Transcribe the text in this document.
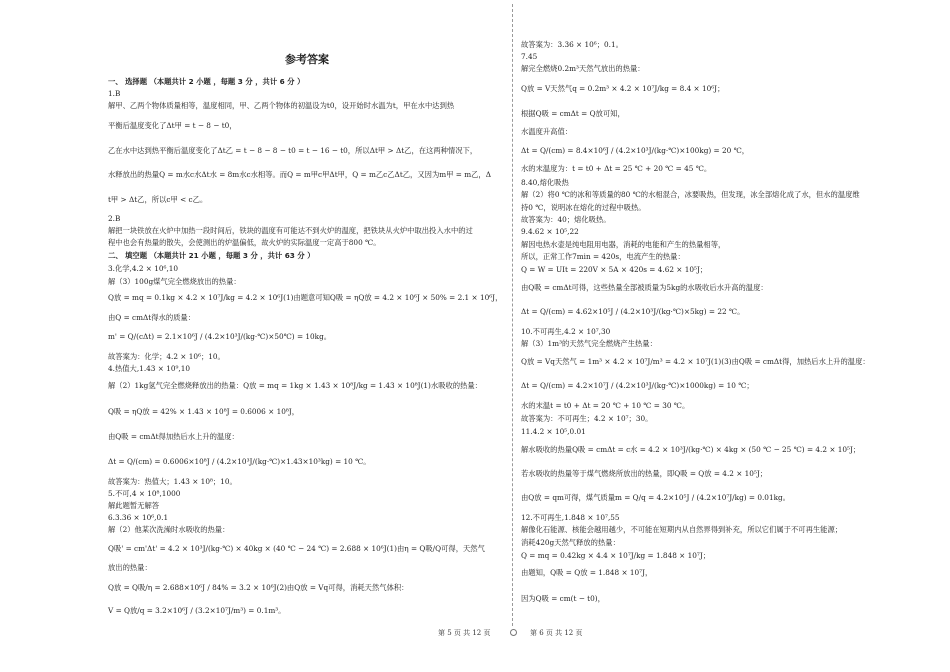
参考答案
一、 选择题 （本题共计 2 小题 ，每题 3 分 ，共计 6 分 ）
1.B
解甲、乙两个物体质量相等，温度相同，甲、乙两个物体的初温设为t0，设开始时水温为t，甲在水中达到热
平衡后温度变化了Δt甲 = t − 8 − t0，
乙在水中达到热平衡后温度变化了Δt乙 = t − 8 − 8 − t0 = t − 16 − t0，所以Δt甲 > Δt乙，在这两种情况下，
水释放出的热量Q = m水c水Δt水 = 8m水c水相等。而Q = m甲c甲Δt甲，Q = m乙c乙Δt乙，又因为m甲 = m乙，Δ
t甲 > Δt乙，所以c甲 < c乙。
2.B
解把一块铁放在火炉中加热一段时间后，铁块的温度有可能达不到火炉的温度，把铁块从火炉中取出投入水中的过
程中也会有热量的散失，会使测出的炉温偏低，故火炉的实际温度一定高于800 ℃。
二、 填空题 （本题共计 21 小题 ，每题 3 分 ，共计 63 分 ）
3.化学,4.2 × 10⁶,10
解（3）100g煤气完全燃烧放出的热量：
Q放 = mq = 0.1kg × 4.2 × 10⁷J/kg = 4.2 × 10⁶J(1)由题意可知Q吸 = ηQ放 = 4.2 × 10⁶J × 50% = 2.1 × 10⁶J，
由Q = cmΔt得水的质量：
m' = Q/(cΔt) = 2.1×10⁶J / (4.2×10³J/(kg·℃)×50℃) = 10kg。
故答案为：化学；4.2 × 10⁶；10。
4.热值大,1.43 × 10⁹,10
解（2）1kg氢气完全燃烧释放出的热量：Q放 = mq = 1kg × 1.43 × 10⁸J/kg = 1.43 × 10⁸J(1)水吸收的热量：
Q吸 = ηQ放 = 42% × 1.43 × 10⁸J = 0.6006 × 10⁸J，
由Q吸 = cmΔt得加热后水上升的温度：
Δt = Q/(cm) = 0.6006×10⁸J / (4.2×10³J/(kg·℃)×1.43×10³kg) = 10 ℃。
故答案为：热值大；1.43 × 10⁸；10。
5.不可,4 × 10⁸,1000
解此题暂无解答
6.3.36 × 10⁶,0.1
解（2）他某次洗澡时水吸收的热量：
Q吸' = cm'Δt' = 4.2 × 10³J/(kg·℃) × 40kg × (40 ℃ − 24 ℃) = 2.688 × 10⁶J(1)由η = Q吸/Q可得，天然气
放出的热量：
Q放 = Q吸/η = 2.688×10⁶J / 84% = 3.2 × 10⁶J(2)由Q放 = Vq可得，消耗天然气体积：
V = Q放/q = 3.2×10⁶J / (3.2×10⁷J/m³) = 0.1m³。
故答案为：3.36 × 10⁶；0.1。
7.45
解完全燃烧0.2m³天然气放出的热量：
Q放 = V天然气q = 0.2m³ × 4.2 × 10⁷J/kg = 8.4 × 10⁶J；
根据Q吸 = cmΔt = Q放可知，
水温度升高值：
Δt = Q/(cm) = 8.4×10⁶J / (4.2×10³J/(kg·℃)×100kg) = 20 ℃，
水的末温度为：t = t0 + Δt = 25 ℃ + 20 ℃ = 45 ℃。
8.40,熔化吸热
解（2）将0 ℃的冰和等质量的80 ℃的水相混合，冰要吸热，但发现，冰全部熔化成了水，但水的温度维
持0 ℃，说明冰在熔化的过程中吸热。
故答案为：40；熔化吸热。
9.4.62 × 10⁵,22
解因电热水壶是纯电阻用电器，消耗的电能和产生的热量相等，
所以，正常工作7min = 420s，电流产生的热量：
Q = W = UIt = 220V × 5A × 420s = 4.62 × 10⁵J；
由Q吸 = cmΔt可得，这些热量全部被质量为5kg的水吸收后水升高的温度：
Δt = Q/(cm) = 4.62×10⁵J / (4.2×10³J/(kg·℃)×5kg) = 22 ℃。
10.不可再生,4.2 × 10⁷,30
解（3）1m³的天然气完全燃烧产生热量：
Q放 = Vq天然气 = 1m³ × 4.2 × 10⁷J/m³ = 4.2 × 10⁷J(1)(3)由Q吸 = cmΔt得，加热后水上升的温度：
Δt = Q/(cm) = 4.2×10⁷J / (4.2×10³J/(kg·℃)×1000kg) = 10 ℃；
水的末温t = t0 + Δt = 20 ℃ + 10 ℃ = 30 ℃。
故答案为：不可再生；4.2 × 10⁷；30。
11.4.2 × 10⁵,0.01
解水吸收的热量Q吸 = cmΔt = c水 = 4.2 × 10³J/(kg·℃) × 4kg × (50 ℃ − 25 ℃) = 4.2 × 10⁵J；
若水吸收的热量等于煤气燃烧所放出的热量，即Q吸 = Q放 = 4.2 × 10⁵J；
由Q放 = qm可得，煤气质量m = Q/q = 4.2×10⁵J / (4.2×10⁷J/kg) = 0.01kg。
12.不可再生,1.848 × 10⁷,55
解像化石能源、核能会越用越少，不可能在短期内从自然界得到补充，所以它们属于不可再生能源；
消耗420g天然气释放的热量：
Q = mq = 0.42kg × 4.4 × 10⁷J/kg = 1.848 × 10⁷J；
由题知，Q吸 = Q放 = 1.848 × 10⁷J，
因为Q吸 = cm(t − t0)，
第 5 页 共 12 页	第 6 页 共 12 页
